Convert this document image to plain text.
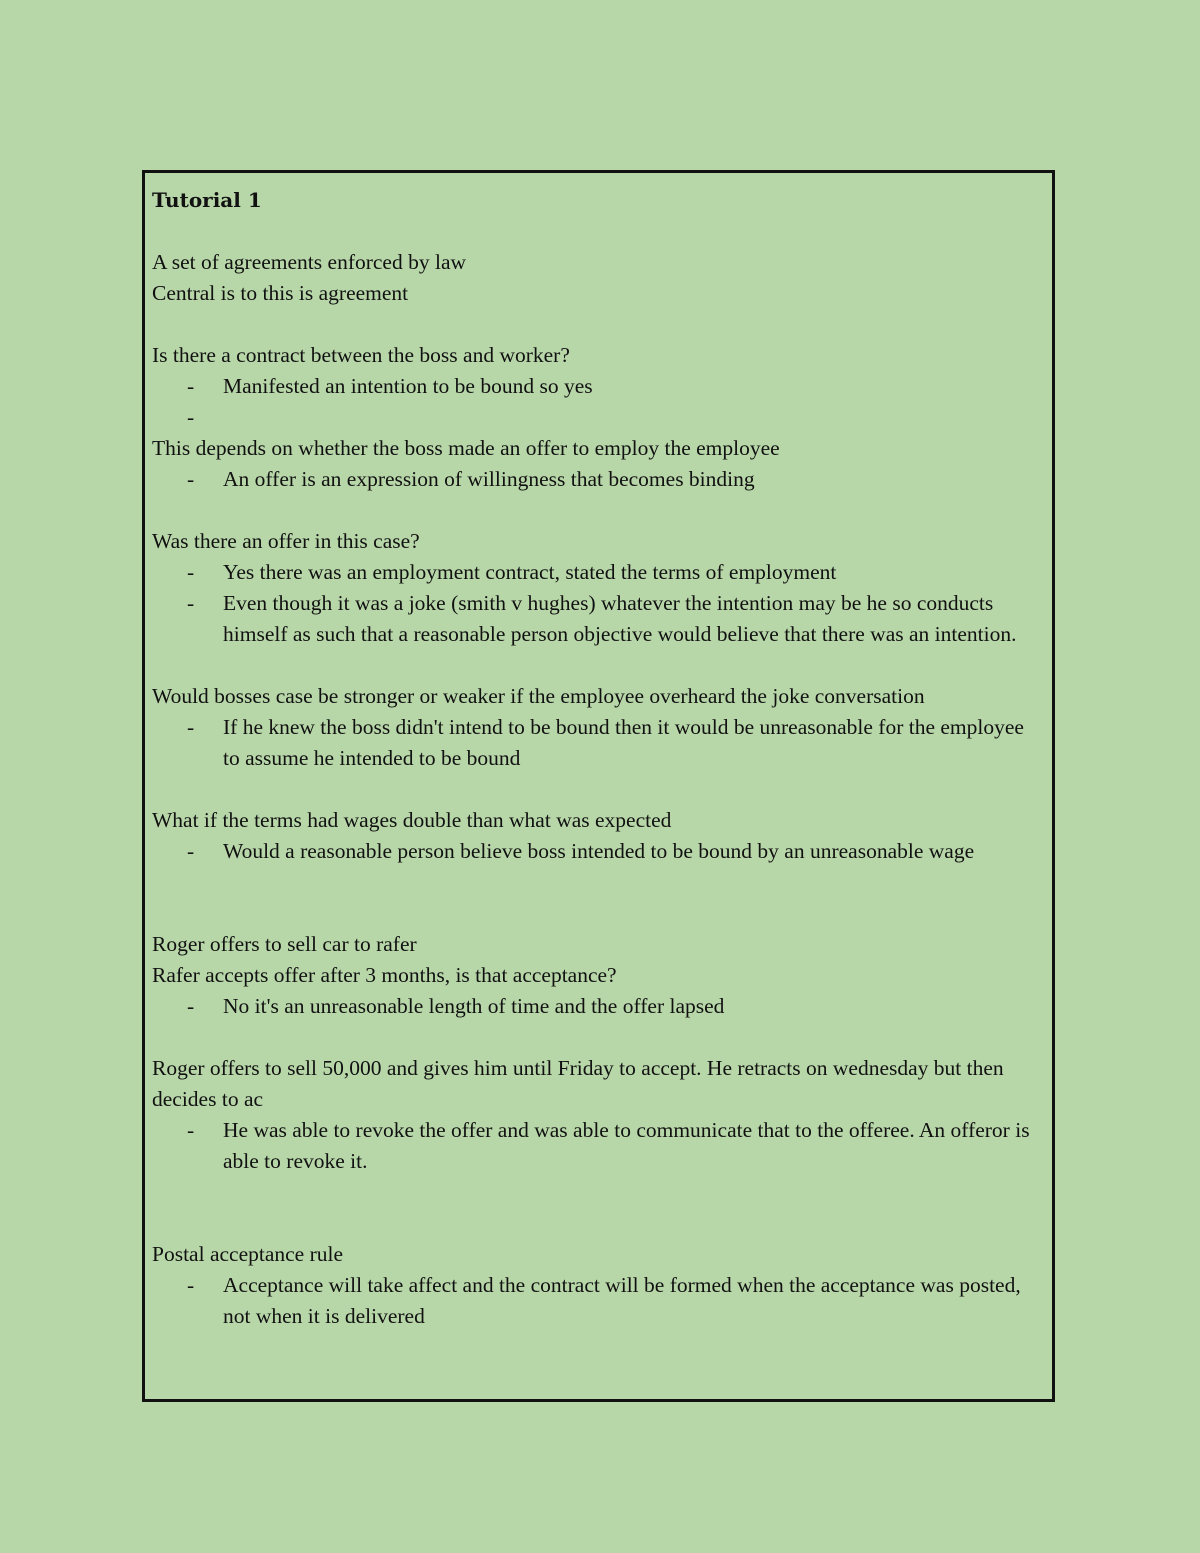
Tutorial 1
A set of agreements enforced by law
Central is to this is agreement
Is there a contract between the boss and worker?
-	Manifested an intention to be bound so yes
-
This depends on whether the boss made an offer to employ the employee
-	An offer is an expression of willingness that becomes binding
Was there an offer in this case?
-	Yes there was an employment contract, stated the terms of employment
-	Even though it was a joke (smith v hughes) whatever the intention may be he so conducts himself as such that a reasonable person objective would believe that there was an intention.
Would bosses case be stronger or weaker if the employee overheard the joke conversation
-	If he knew the boss didn't intend to be bound then it would be unreasonable for the employee to assume he intended to be bound
What if the terms had wages double than what was expected
-	Would a reasonable person believe boss intended to be bound by an unreasonable wage
Roger offers to sell car to rafer
Rafer accepts offer after 3 months, is that acceptance?
-	No it's an unreasonable length of time and the offer lapsed
Roger offers to sell 50,000 and gives him until Friday to accept. He retracts on wednesday but then decides to ac
-	He was able to revoke the offer and was able to communicate that to the offeree. An offeror is able to revoke it.
Postal acceptance rule
-	Acceptance will take affect and the contract will be formed when the acceptance was posted, not when it is delivered
